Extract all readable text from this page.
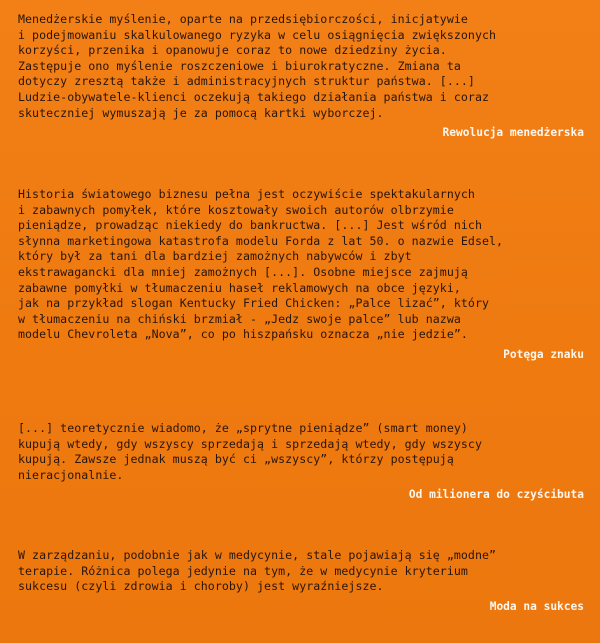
Menedżerskie myślenie, oparte na przedsiębiorczości, inicjatywie
i podejmowaniu skalkulowanego ryzyka w celu osiągnięcia zwiększonych
korzyści, przenika i opanowuje coraz to nowe dziedziny życia.
Zastępuje ono myślenie roszczeniowe i biurokratyczne. Zmiana ta
dotyczy zresztą także i administracyjnych struktur państwa. [...]
Ludzie-obywatele-klienci oczekują takiego działania państwa i coraz
skuteczniej wymuszają je za pomocą kartki wyborczej.

Rewolucja menedżerska

Historia światowego biznesu pełna jest oczywiście spektakularnych
i zabawnych pomyłek, które kosztowały swoich autorów olbrzymie
pieniądze, prowadząc niekiedy do bankructwa. [...] Jest wśród nich
słynna marketingowa katastrofa modelu Forda z lat 50. o nazwie Edsel,
który był za tani dla bardziej zamożnych nabywców i zbyt
ekstrawagancki dla mniej zamożnych [...]. Osobne miejsce zajmują
zabawne pomyłki w tłumaczeniu haseł reklamowych na obce języki,
jak na przykład slogan Kentucky Fried Chicken: „Palce lizać”, który
w tłumaczeniu na chiński brzmiał - „Jedz swoje palce” lub nazwa
modelu Chevroleta „Nova”, co po hiszpańsku oznacza „nie jedzie”.

Potęga znaku

[...] teoretycznie wiadomo, że „sprytne pieniądze” (smart money)
kupują wtedy, gdy wszyscy sprzedają i sprzedają wtedy, gdy wszyscy
kupują. Zawsze jednak muszą być ci „wszyscy”, którzy postępują
nieracjonalnie.

Od milionera do czyścibuta

W zarządzaniu, podobnie jak w medycynie, stale pojawiają się „modne”
terapie. Różnica polega jedynie na tym, że w medycynie kryterium
sukcesu (czyli zdrowia i choroby) jest wyraźniejsze.

Moda na sukces
